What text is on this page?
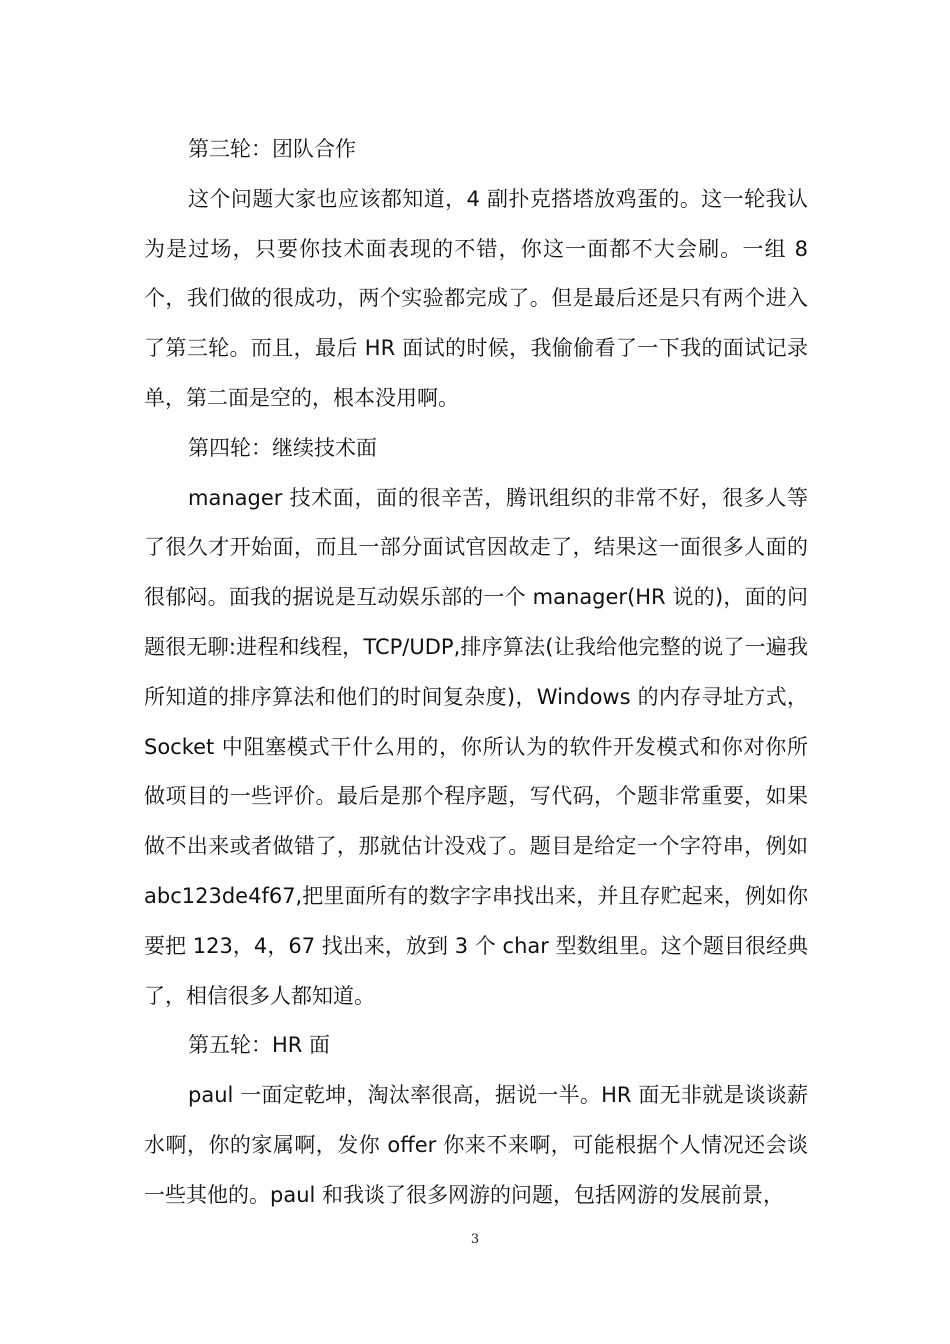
第三轮：团队合作

这个问题大家也应该都知道，4 副扑克搭塔放鸡蛋的。这一轮我认为是过场，只要你技术面表现的不错，你这一面都不大会刷。一组 8 个，我们做的很成功，两个实验都完成了。但是最后还是只有两个进入了第三轮。而且，最后 HR 面试的时候，我偷偷看了一下我的面试记录单，第二面是空的，根本没用啊。

第四轮：继续技术面

manager 技术面，面的很辛苦，腾讯组织的非常不好，很多人等了很久才开始面，而且一部分面试官因故走了，结果这一面很多人面的很郁闷。面我的据说是互动娱乐部的一个 manager(HR 说的)，面的问题很无聊:进程和线程，TCP/UDP,排序算法(让我给他完整的说了一遍我所知道的排序算法和他们的时间复杂度)，Windows 的内存寻址方式，Socket 中阻塞模式干什么用的，你所认为的软件开发模式和你对你所做项目的一些评价。最后是那个程序题，写代码，个题非常重要，如果做不出来或者做错了，那就估计没戏了。题目是给定一个字符串，例如 abc123de4f67,把里面所有的数字字串找出来，并且存贮起来，例如你要把 123，4，67 找出来，放到 3 个 char 型数组里。这个题目很经典了，相信很多人都知道。

第五轮：HR 面

paul 一面定乾坤，淘汰率很高，据说一半。HR 面无非就是谈谈薪水啊，你的家属啊，发你 offer 你来不来啊，可能根据个人情况还会谈一些其他的。paul 和我谈了很多网游的问题，包括网游的发展前景，

3
